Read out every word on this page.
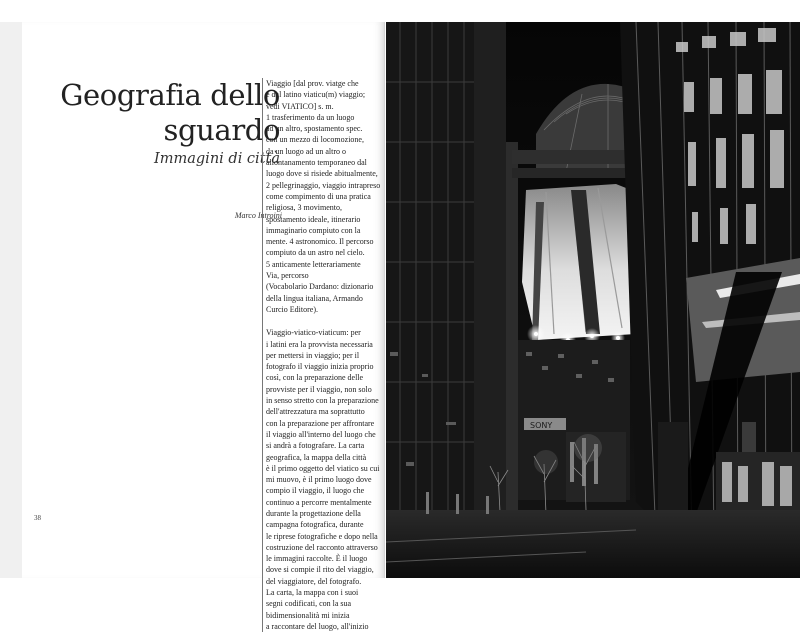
Geografia dello
sguardo
Immagini di città
Marco Introini

Viaggio [dal prov. viatge che

e dal latino viaticu(m) viaggio;

vedi VIATICO] s. m.

1 trasferimento da un luogo

ad un altro, spostamento spec.

con un mezzo di locomozione,

da un luogo ad un altro o

allontanamento temporaneo dal

luogo dove si risiede abitualmente,

2 pellegrinaggio, viaggio intrapreso

come compimento di una pratica

religiosa, 3 movimento,

spostamento ideale, itinerario

immaginario compiuto con la

mente. 4 astronomico. Il percorso

compiuto da un astro nel cielo.

5 anticamente letterariamente

Via, percorso

(Vocabolario Dardano: dizionario

della lingua italiana, Armando

Curcio Editore).

Viaggio-viatico-viaticum: per

i latini era la provvista necessaria

per mettersi in viaggio; per il

fotografo il viaggio inizia proprio

così, con la preparazione delle

provviste per il viaggio, non solo

in senso stretto con la preparazione

dell'attrezzatura ma soprattutto

con la preparazione per affrontare

il viaggio all'interno del luogo che

si andrà a fotografare. La carta

geografica, la mappa della città

è il primo oggetto del viatico su cui

mi muovo, è il primo luogo dove

compio il viaggio, il luogo che

continuo a percorre mentalmente

durante la progettazione della

campagna fotografica, durante

le riprese fotografiche e dopo nella

costruzione del racconto attraverso

le immagini raccolte. È il luogo

dove si compie il rito del viaggio,

del viaggiatore, del fotografo.

La carta, la mappa con i suoi

segni codificati, con la sua

bidimensionalità mi inizia

a raccontare del luogo, all'inizio

38
SONY
